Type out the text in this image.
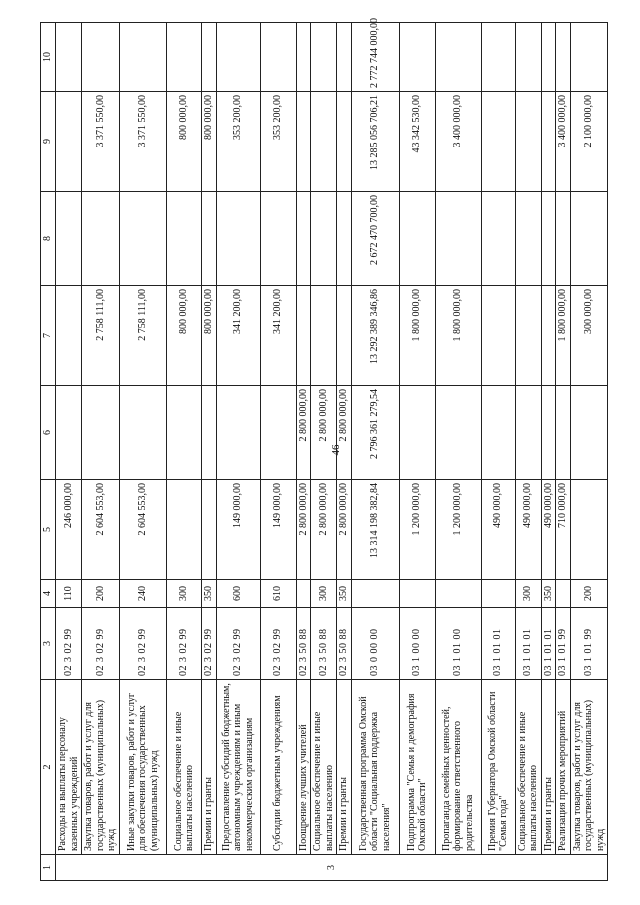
46
1	2	3	4	5	6	7	8	9	10
3	Расходы на выплаты персоналу казенных учреждений	02 3 02 99	110	246 000,00					
	Закупка товаров, работ и услуг для государственных (муниципальных) нужд	02 3 02 99	200	2 604 553,00		2 758 111,00		3 371 550,00	
	Иные закупки товаров, работ и услуг для обеспечения государственных (муниципальных) нужд	02 3 02 99	240	2 604 553,00		2 758 111,00		3 371 550,00	
	Социальное обеспечение и иные выплаты населению	02 3 02 99	300			800 000,00		800 000,00	
	Премии и гранты	02 3 02 99	350			800 000,00		800 000,00	
	Предоставление субсидий бюджетным, автономным учреждениям и иным некоммерческим организациям	02 3 02 99	600	149 000,00		341 200,00		353 200,00	
	Субсидии бюджетным учреждениям	02 3 02 99	610	149 000,00		341 200,00		353 200,00	
	Поощрение лучших учителей	02 3 50 88		2 800 000,00	2 800 000,00				
	Социальное обеспечение и иные выплаты населению	02 3 50 88	300	2 800 000,00	2 800 000,00				
	Премии и гранты	02 3 50 88	350	2 800 000,00	2 800 000,00				
	Государственная программа Омской области "Социальная поддержка населения"	03 0 00 00		13 314 198 382,84	2 796 361 279,54	13 292 389 346,86	2 672 470 700,00	13 285 056 706,21	2 772 744 000,00
	Подпрограмма "Семья и демография Омской области"	03 1 00 00		1 200 000,00		1 800 000,00		43 342 530,00	
	Пропаганда семейных ценностей, формирование ответственного родительства	03 1 01 00		1 200 000,00		1 800 000,00		3 400 000,00	
	Премия Губернатора Омской области "Семья года"	03 1 01 01		490 000,00					
	Социальное обеспечение и иные выплаты населению	03 1 01 01	300	490 000,00					
	Премии и гранты	03 1 01 01	350	490 000,00					
	Реализация прочих мероприятий	03 1 01 99		710 000,00		1 800 000,00		3 400 000,00	
	Закупка товаров, работ и услуг для государственных (муниципальных) нужд	03 1 01 99	200			300 000,00		2 100 000,00	
